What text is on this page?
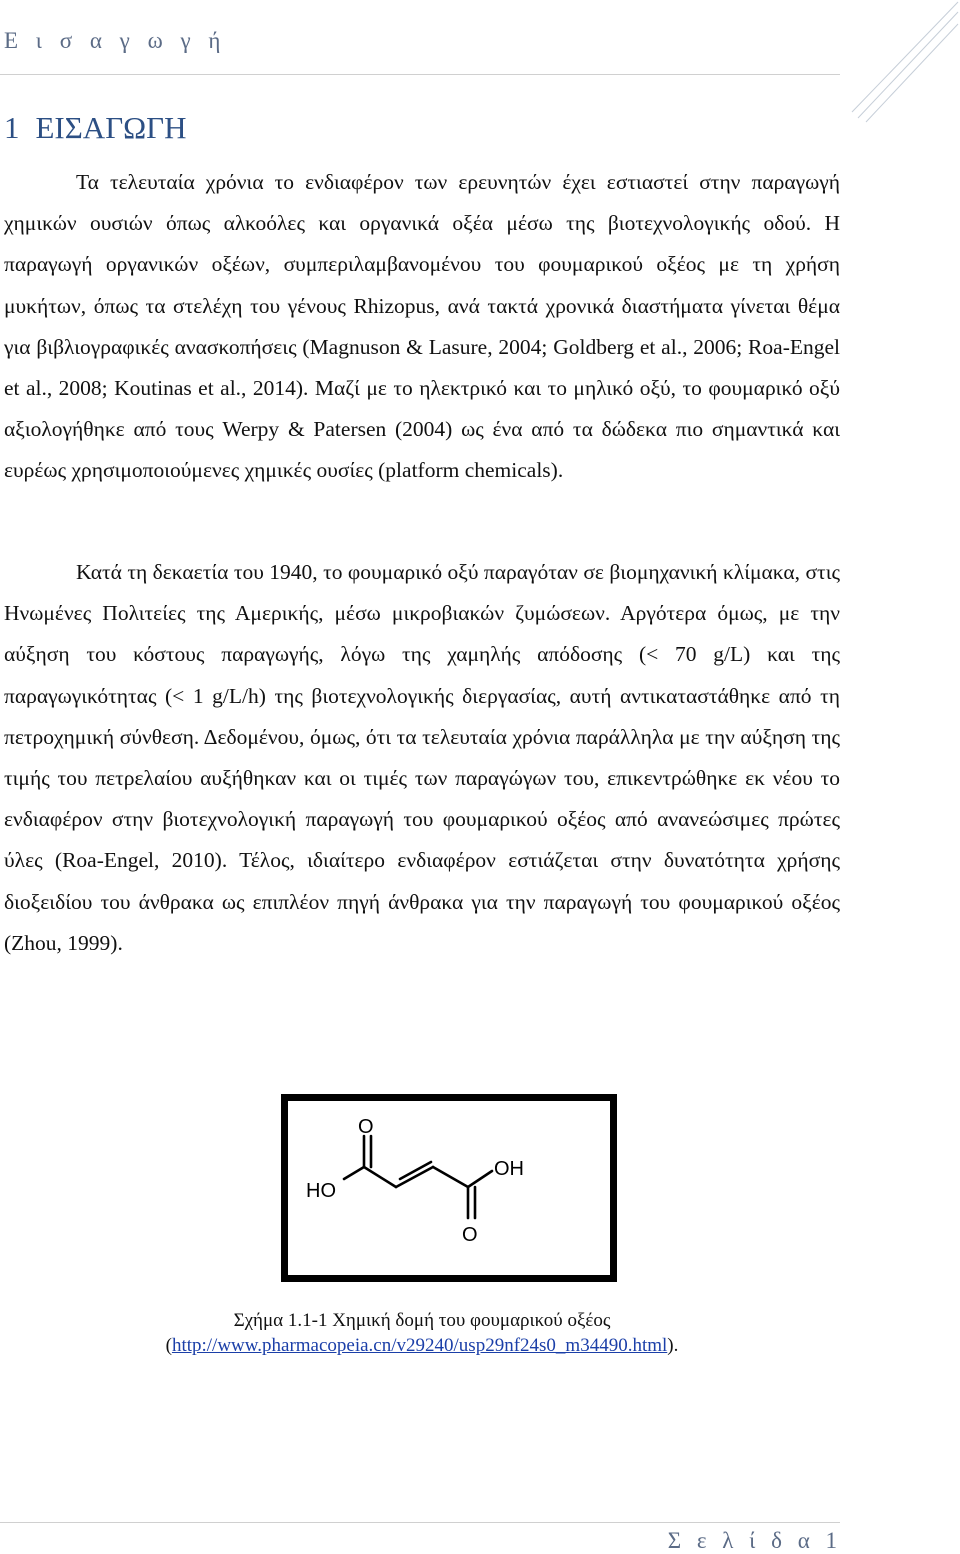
Ε ι σ α γ ω γ ή
1 ΕΙΣΑΓΩΓΗ

Τα τελευταία χρόνια το ενδιαφέρον των ερευνητών έχει εστιαστεί στην παραγωγή χημικών ουσιών όπως αλκοόλες και οργανικά οξέα μέσω της βιοτεχνολογικής οδού. Η παραγωγή οργανικών οξέων, συμπεριλαμβανομένου του φουμαρικού οξέος με τη χρήση μυκήτων, όπως τα στελέχη του γένους Rhizopus, ανά τακτά χρονικά διαστήματα γίνεται θέμα για βιβλιογραφικές ανασκοπήσεις (Magnuson & Lasure, 2004; Goldberg et al., 2006; Roa-Engel et al., 2008; Koutinas et al., 2014). Μαζί με το ηλεκτρικό και το μηλικό οξύ, το φουμαρικό οξύ αξιολογήθηκε από τους Werpy & Patersen (2004) ως ένα από τα δώδεκα πιο σημαντικά και ευρέως χρησιμοποιούμενες χημικές ουσίες (platform chemicals).

Κατά τη δεκαετία του 1940, το φουμαρικό οξύ παραγόταν σε βιομηχανική κλίμακα, στις Ηνωμένες Πολιτείες της Αμερικής, μέσω μικροβιακών ζυμώσεων. Αργότερα όμως, με την αύξηση του κόστους παραγωγής, λόγω της χαμηλής απόδοσης (< 70 g/L) και της παραγωγικότητας (< 1 g/L/h) της βιοτεχνολογικής διεργασίας, αυτή αντικαταστάθηκε από τη πετροχημική σύνθεση. Δεδομένου, όμως, ότι τα τελευταία χρόνια παράλληλα με την αύξηση της τιμής του πετρελαίου αυξήθηκαν και οι τιμές των παραγώγων του, επικεντρώθηκε εκ νέου το ενδιαφέρον στην βιοτεχνολογική παραγωγή του φουμαρικού οξέος από ανανεώσιμες πρώτες ύλες (Roa-Engel, 2010). Τέλος, ιδιαίτερο ενδιαφέρον εστιάζεται στην δυνατότητα χρήσης διοξειδίου του άνθρακα ως επιπλέον πηγή άνθρακα για την παραγωγή του φουμαρικού οξέος (Zhou, 1999).

O
HO
OH
O
Σχήμα 1.1-1 Χημική δομή του φουμαρικού οξέος
(http://www.pharmacopeia.cn/v29240/usp29nf24s0_m34490.html).
Σ ε λ ί δ α 1
